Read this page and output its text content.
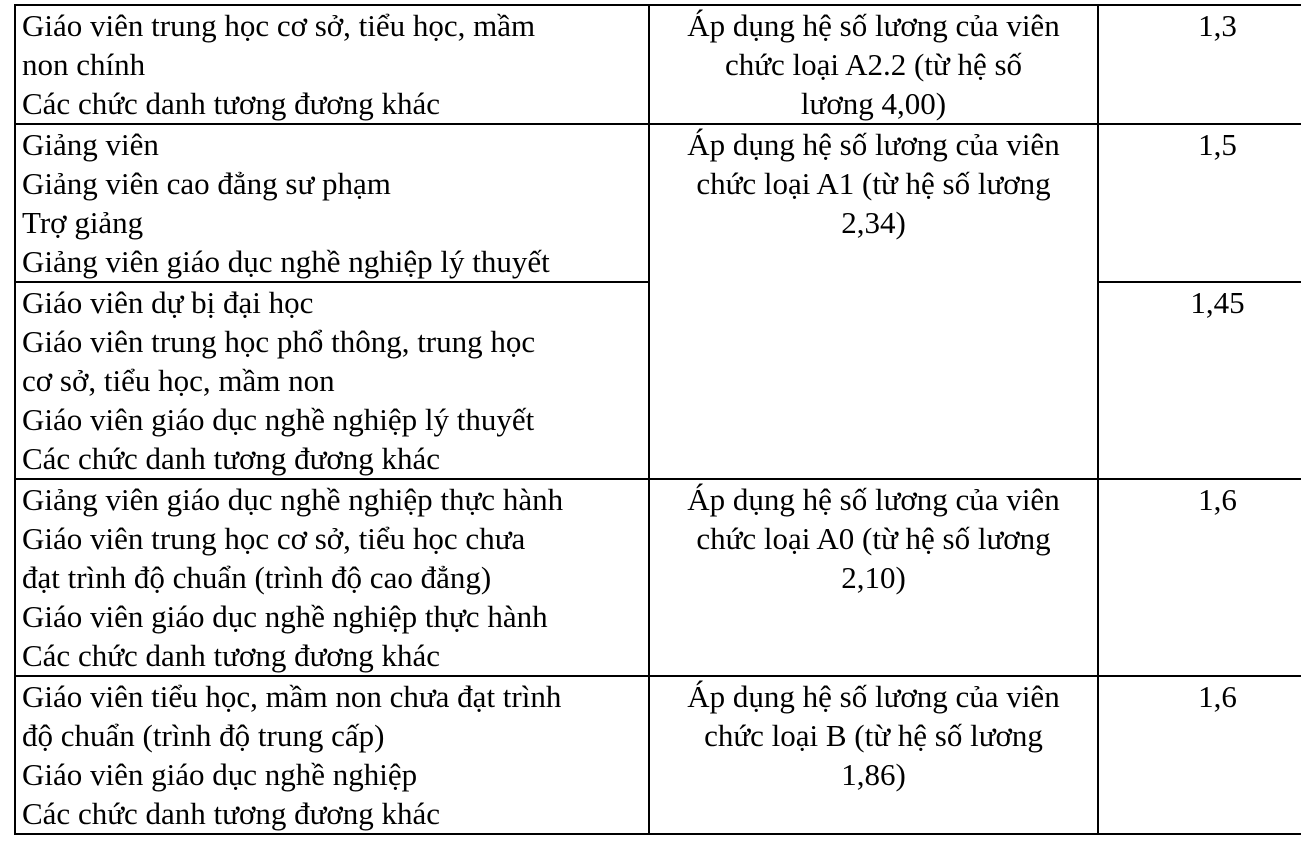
Giáo viên trung học cơ sở, tiểu học, mầm
non chính
Các chức danh tương đương khác	Áp dụng hệ số lương của viên
chức loại A2.2 (từ hệ số
lương 4,00)	1,3

Giảng viên
Giảng viên cao đẳng sư phạm
Trợ giảng
Giảng viên giáo dục nghề nghiệp lý thuyết	Áp dụng hệ số lương của viên
chức loại A1 (từ hệ số lương
2,34)	1,5

Giáo viên dự bị đại học
Giáo viên trung học phổ thông, trung học
cơ sở, tiểu học, mầm non
Giáo viên giáo dục nghề nghiệp lý thuyết
Các chức danh tương đương khác		1,45

Giảng viên giáo dục nghề nghiệp thực hành
Giáo viên trung học cơ sở, tiểu học chưa
đạt trình độ chuẩn (trình độ cao đẳng)
Giáo viên giáo dục nghề nghiệp thực hành
Các chức danh tương đương khác	Áp dụng hệ số lương của viên
chức loại A0 (từ hệ số lương
2,10)	1,6

Giáo viên tiểu học, mầm non chưa đạt trình
độ chuẩn (trình độ trung cấp)
Giáo viên giáo dục nghề nghiệp
Các chức danh tương đương khác	Áp dụng hệ số lương của viên
chức loại B (từ hệ số lương
1,86)	1,6
